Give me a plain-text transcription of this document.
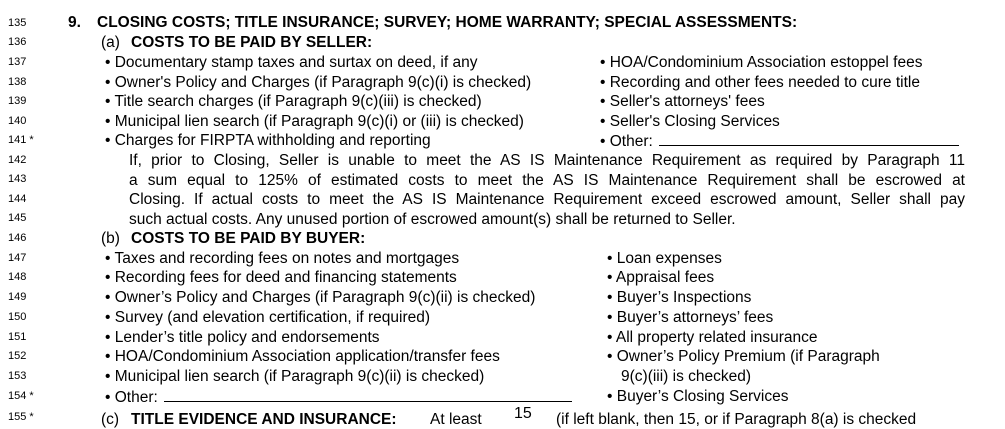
135
136
137
138
139
140
141 *
142
143
144
145
146
147
148
149
150
151
152
153
154 *
155 *
9. CLOSING COSTS; TITLE INSURANCE; SURVEY; HOME WARRANTY; SPECIAL ASSESSMENTS:
(a) COSTS TO BE PAID BY SELLER:
• Documentary stamp taxes and surtax on deed, if any
• Owner's Policy and Charges (if Paragraph 9(c)(i) is checked)
• Title search charges (if Paragraph 9(c)(iii) is checked)
• Municipal lien search (if Paragraph 9(c)(i) or (iii) is checked)
• Charges for FIRPTA withholding and reporting
• HOA/Condominium Association estoppel fees
• Recording and other fees needed to cure title
• Seller's attorneys' fees
• Seller's Closing Services
• Other:
If, prior to Closing, Seller is unable to meet the AS IS Maintenance Requirement as required by Paragraph 11
a sum equal to 125% of estimated costs to meet the AS IS Maintenance Requirement shall be escrowed at
Closing. If actual costs to meet the AS IS Maintenance Requirement exceed escrowed amount, Seller shall pay
such actual costs. Any unused portion of escrowed amount(s) shall be returned to Seller.
(b) COSTS TO BE PAID BY BUYER:
• Taxes and recording fees on notes and mortgages
• Recording fees for deed and financing statements
• Owner’s Policy and Charges (if Paragraph 9(c)(ii) is checked)
• Survey (and elevation certification, if required)
• Lender’s title policy and endorsements
• HOA/Condominium Association application/transfer fees
• Municipal lien search (if Paragraph 9(c)(ii) is checked)
• Other:
• Loan expenses
• Appraisal fees
• Buyer’s Inspections
• Buyer’s attorneys’ fees
• All property related insurance
• Owner’s Policy Premium (if Paragraph
9(c)(iii) is checked)
• Buyer’s Closing Services
(c) TITLE EVIDENCE AND INSURANCE: At least 15 (if left blank, then 15, or if Paragraph 8(a) is checked
